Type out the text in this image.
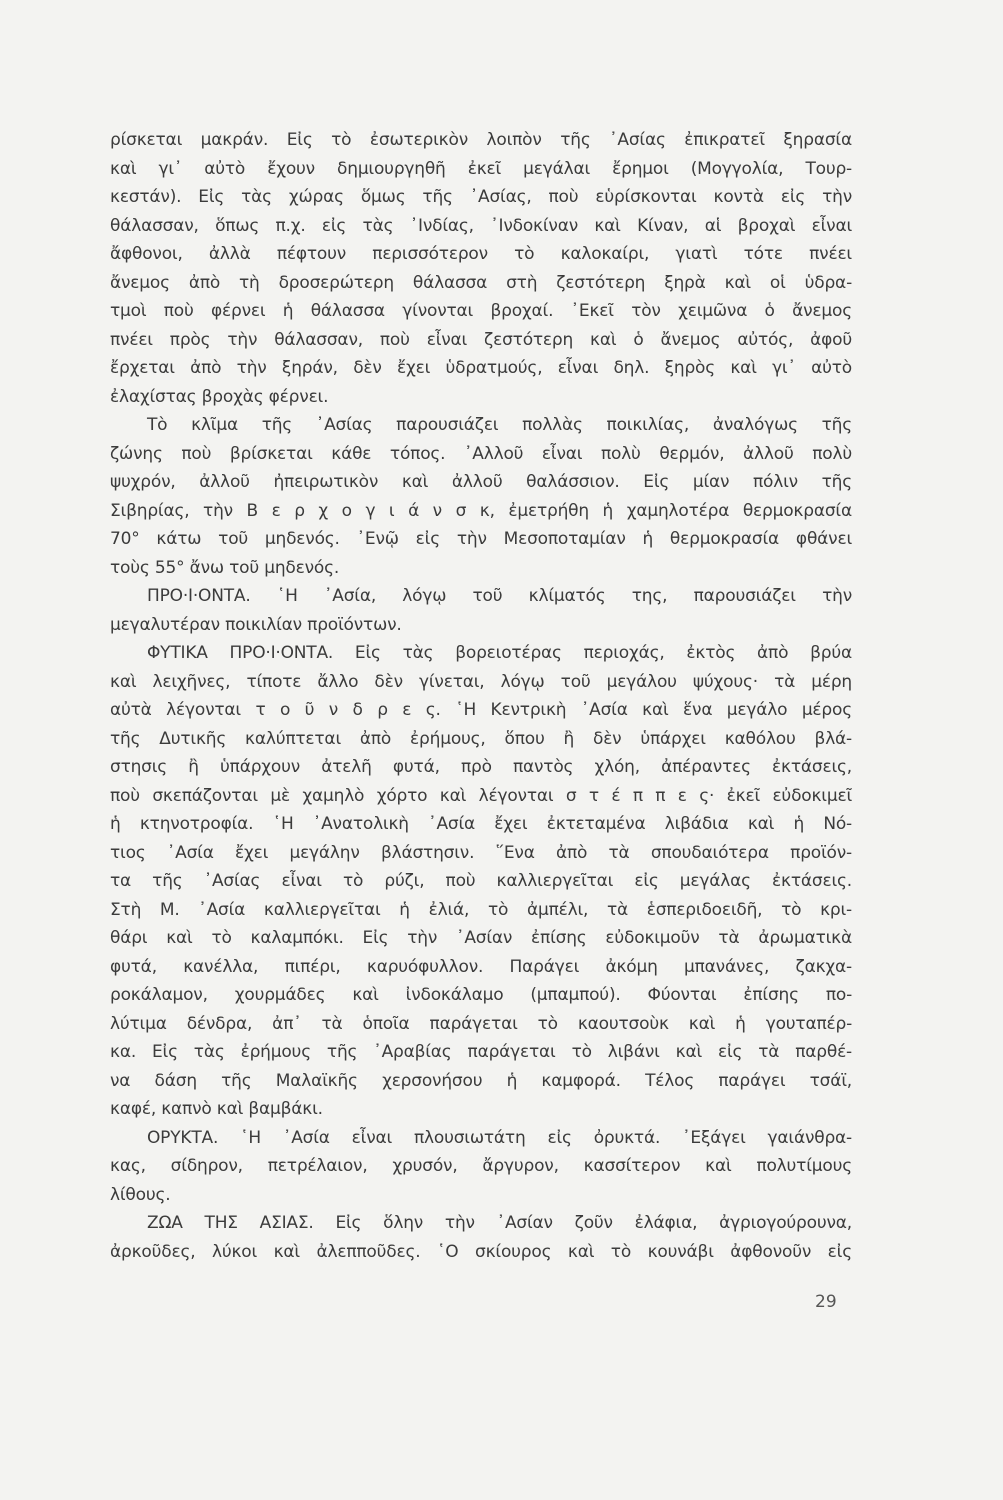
ρίσκεται μακράν. Εἰς τὸ ἐσωτερικὸν λοιπὸν τῆς ᾿Ασίας ἐπικρατεῖ ξηρασία
καὶ γι᾿ αὐτὸ ἔχουν δημιουργηθῆ ἐκεῖ μεγάλαι ἔρημοι (Μογγολία, Τουρ-
κεστάν). Εἰς τὰς χώρας ὅμως τῆς ᾿Ασίας, ποὺ εὑρίσκονται κοντὰ εἰς τὴν
θάλασσαν, ὅπως π.χ. εἰς τὰς ᾿Ινδίας, ᾿Ινδοκίναν καὶ Κίναν, αἱ βροχαὶ εἶναι
ἄφθονοι, ἀλλὰ πέφτουν περισσότερον τὸ καλοκαίρι, γιατὶ τότε πνέει
ἄνεμος ἀπὸ τὴ δροσερώτερη θάλασσα στὴ ζεστότερη ξηρὰ καὶ οἱ ὑδρα-
τμοὶ ποὺ φέρνει ἡ θάλασσα γίνονται βροχαί. ᾿Εκεῖ τὸν χειμῶνα ὁ ἄνεμος
πνέει πρὸς τὴν θάλασσαν, ποὺ εἶναι ζεστότερη καὶ ὁ ἄνεμος αὐτός, ἀφοῦ
ἔρχεται ἀπὸ τὴν ξηράν, δὲν ἔχει ὑδρατμούς, εἶναι δηλ. ξηρὸς καὶ γι᾿ αὐτὸ
ἐλαχίστας βροχὰς φέρνει.
Τὸ κλῖμα τῆς ᾿Ασίας παρουσιάζει πολλὰς ποικιλίας, ἀναλόγως τῆς
ζώνης ποὺ βρίσκεται κάθε τόπος. ᾿Αλλοῦ εἶναι πολὺ θερμόν, ἀλλοῦ πολὺ
ψυχρόν, ἀλλοῦ ἠπειρωτικὸν καὶ ἀλλοῦ θαλάσσιον. Εἰς μίαν πόλιν τῆς
Σιβηρίας, τὴν Β ε ρ χ ο γ ι ά ν σ κ, ἐμετρήθη ἡ χαμηλοτέρα θερμοκρασία
70° κάτω τοῦ μηδενός. ᾿Ενῷ εἰς τὴν Μεσοποταμίαν ἡ θερμοκρασία φθάνει
τοὺς 55° ἄνω τοῦ μηδενός.
ΠΡΟ·Ι·ΟΝΤΑ. ῾Η ᾿Ασία, λόγῳ τοῦ κλίματός της, παρουσιάζει τὴν
μεγαλυτέραν ποικιλίαν προϊόντων.
ΦΥΤΙΚΑ ΠΡΟ·Ι·ΟΝΤΑ. Εἰς τὰς βορειοτέρας περιοχάς, ἐκτὸς ἀπὸ βρύα
καὶ λειχῆνες, τίποτε ἄλλο δὲν γίνεται, λόγῳ τοῦ μεγάλου ψύχους· τὰ μέρη
αὐτὰ λέγονται τ ο ῦ ν δ ρ ε ς. ῾Η Κεντρικὴ ᾿Ασία καὶ ἕνα μεγάλο μέρος
τῆς Δυτικῆς καλύπτεται ἀπὸ ἐρήμους, ὅπου ἢ δὲν ὑπάρχει καθόλου βλά-
στησις ἢ ὑπάρχουν ἀτελῆ φυτά, πρὸ παντὸς χλόη, ἀπέραντες ἐκτάσεις,
ποὺ σκεπάζονται μὲ χαμηλὸ χόρτο καὶ λέγονται σ τ έ π π ε ς· ἐκεῖ εὐδοκιμεῖ
ἡ κτηνοτροφία. ῾Η ᾿Ανατολικὴ ᾿Ασία ἔχει ἐκτεταμένα λιβάδια καὶ ἡ Νό-
τιος ᾿Ασία ἔχει μεγάλην βλάστησιν. ῞Ενα ἀπὸ τὰ σπουδαιότερα προϊόν-
τα τῆς ᾿Ασίας εἶναι τὸ ρύζι, ποὺ καλλιεργεῖται εἰς μεγάλας ἐκτάσεις.
Στὴ Μ. ᾿Ασία καλλιεργεῖται ἡ ἐλιά, τὸ ἀμπέλι, τὰ ἑσπεριδοειδῆ, τὸ κρι-
θάρι καὶ τὸ καλαμπόκι. Εἰς τὴν ᾿Ασίαν ἐπίσης εὐδοκιμοῦν τὰ ἀρωματικὰ
φυτά, κανέλλα, πιπέρι, καρυόφυλλον. Παράγει ἀκόμη μπανάνες, ζακχα-
ροκάλαμον, χουρμάδες καὶ ἰνδοκάλαμο (μπαμπού). Φύονται ἐπίσης πο-
λύτιμα δένδρα, ἀπ᾿ τὰ ὁποῖα παράγεται τὸ καουτσοὺκ καὶ ἡ γουταπέρ-
κα. Εἰς τὰς ἐρήμους τῆς ᾿Αραβίας παράγεται τὸ λιβάνι καὶ εἰς τὰ παρθέ-
να δάση τῆς Μαλαϊκῆς χερσονήσου ἡ καμφορά. Τέλος παράγει τσάϊ,
καφέ, καπνὸ καὶ βαμβάκι.
ΟΡΥΚΤΑ. ῾Η ᾿Ασία εἶναι πλουσιωτάτη εἰς ὀρυκτά. ᾿Εξάγει γαιάνθρα-
κας, σίδηρον, πετρέλαιον, χρυσόν, ἄργυρον, κασσίτερον καὶ πολυτίμους
λίθους.
ΖΩΑ ΤΗΣ ΑΣΙΑΣ. Εἰς ὅλην τὴν ᾿Ασίαν ζοῦν ἐλάφια, ἀγριογούρουνα,
ἀρκοῦδες, λύκοι καὶ ἀλεπποῦδες. ῾Ο σκίουρος καὶ τὸ κουνάβι ἀφθονοῦν εἰς
29
